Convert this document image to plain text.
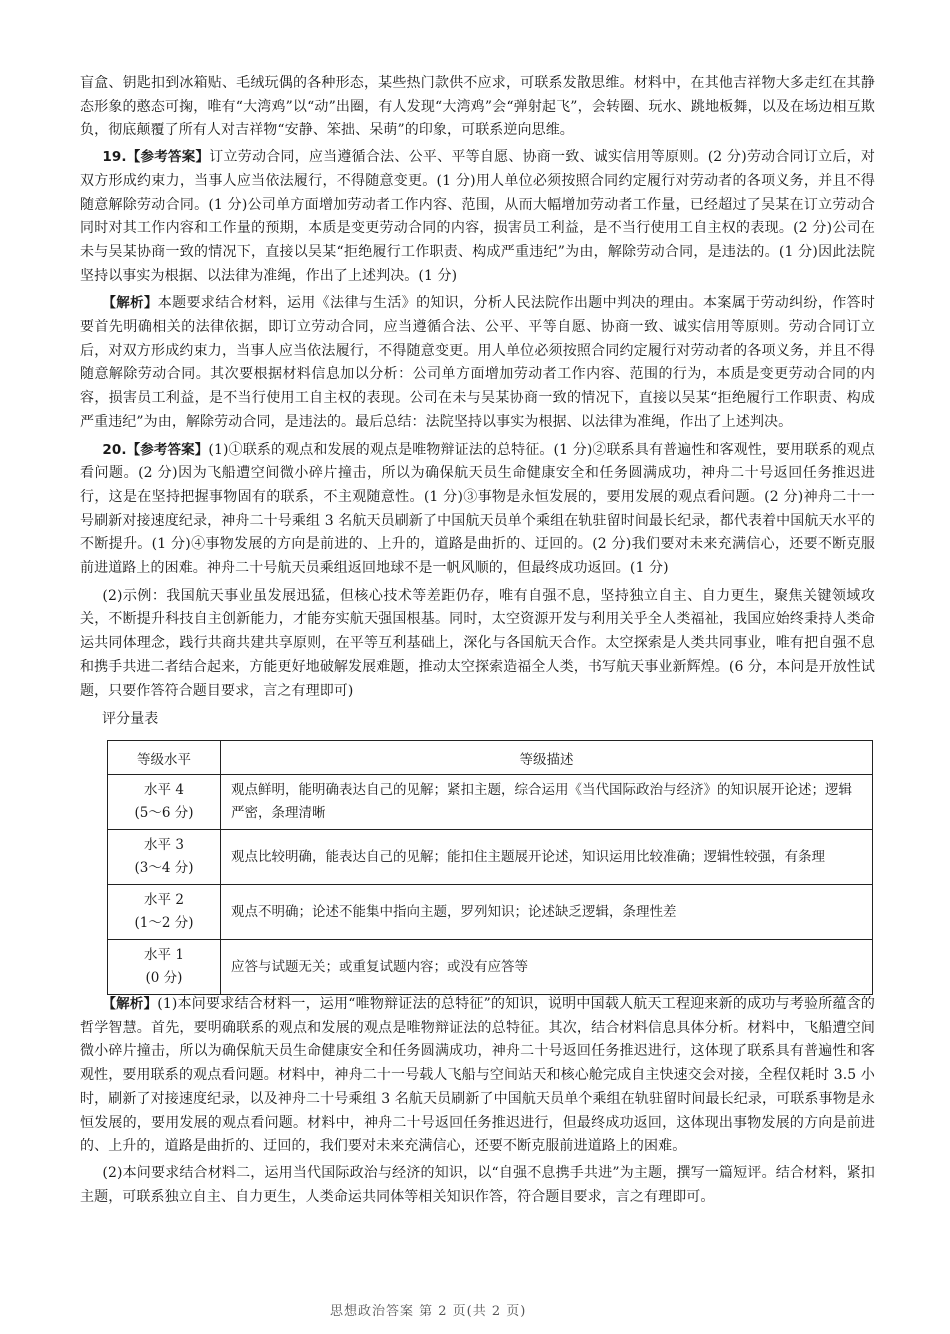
盲盒、钥匙扣到冰箱贴、毛绒玩偶的各种形态，某些热门款供不应求，可联系发散思维。材料中，在其他吉祥物大多走红在其静态形象的憨态可掬，唯有“大湾鸡”以“动”出圈，有人发现“大湾鸡”会“弹射起飞”，会转圈、玩水、跳地板舞，以及在场边相互欺负，彻底颠覆了所有人对吉祥物“安静、笨拙、呆萌”的印象，可联系逆向思维。

19.【参考答案】订立劳动合同，应当遵循合法、公平、平等自愿、协商一致、诚实信用等原则。(2 分)劳动合同订立后，对双方形成约束力，当事人应当依法履行，不得随意变更。(1 分)用人单位必须按照合同约定履行对劳动者的各项义务，并且不得随意解除劳动合同。(1 分)公司单方面增加劳动者工作内容、范围，从而大幅增加劳动者工作量，已经超过了吴某在订立劳动合同时对其工作内容和工作量的预期，本质是变更劳动合同的内容，损害员工利益，是不当行使用工自主权的表现。(2 分)公司在未与吴某协商一致的情况下，直接以吴某“拒绝履行工作职责、构成严重违纪”为由，解除劳动合同，是违法的。(1 分)因此法院坚持以事实为根据、以法律为准绳，作出了上述判决。(1 分)

【解析】本题要求结合材料，运用《法律与生活》的知识，分析人民法院作出题中判决的理由。本案属于劳动纠纷，作答时要首先明确相关的法律依据，即订立劳动合同，应当遵循合法、公平、平等自愿、协商一致、诚实信用等原则。劳动合同订立后，对双方形成约束力，当事人应当依法履行，不得随意变更。用人单位必须按照合同约定履行对劳动者的各项义务，并且不得随意解除劳动合同。其次要根据材料信息加以分析：公司单方面增加劳动者工作内容、范围的行为，本质是变更劳动合同的内容，损害员工利益，是不当行使用工自主权的表现。公司在未与吴某协商一致的情况下，直接以吴某“拒绝履行工作职责、构成严重违纪”为由，解除劳动合同，是违法的。最后总结：法院坚持以事实为根据、以法律为准绳，作出了上述判决。

20.【参考答案】(1)①联系的观点和发展的观点是唯物辩证法的总特征。(1 分)②联系具有普遍性和客观性，要用联系的观点看问题。(2 分)因为飞船遭空间微小碎片撞击，所以为确保航天员生命健康安全和任务圆满成功，神舟二十号返回任务推迟进行，这是在坚持把握事物固有的联系，不主观随意性。(1 分)③事物是永恒发展的，要用发展的观点看问题。(2 分)神舟二十一号刷新对接速度纪录，神舟二十号乘组 3 名航天员刷新了中国航天员单个乘组在轨驻留时间最长纪录，都代表着中国航天水平的不断提升。(1 分)④事物发展的方向是前进的、上升的，道路是曲折的、迂回的。(2 分)我们要对未来充满信心，还要不断克服前进道路上的困难。神舟二十号航天员乘组返回地球不是一帆风顺的，但最终成功返回。(1 分)

(2)示例：我国航天事业虽发展迅猛，但核心技术等差距仍存，唯有自强不息，坚持独立自主、自力更生，聚焦关键领域攻关，不断提升科技自主创新能力，才能夯实航天强国根基。同时，太空资源开发与利用关乎全人类福祉，我国应始终秉持人类命运共同体理念，践行共商共建共享原则，在平等互利基础上，深化与各国航天合作。太空探索是人类共同事业，唯有把自强不息和携手共进二者结合起来，方能更好地破解发展难题，推动太空探索造福全人类，书写航天事业新辉煌。(6 分，本问是开放性试题，只要作答符合题目要求，言之有理即可)

评分量表

等级水平	等级描述

水平 4
(5～6 分)	观点鲜明，能明确表达自己的见解；紧扣主题，综合运用《当代国际政治与经济》的知识展开论述；逻辑严密，条理清晰

水平 3
(3～4 分)	观点比较明确，能表达自己的见解；能扣住主题展开论述，知识运用比较准确；逻辑性较强，有条理

水平 2
(1～2 分)	观点不明确；论述不能集中指向主题，罗列知识；论述缺乏逻辑，条理性差

水平 1
(0 分)	应答与试题无关；或重复试题内容；或没有应答等

【解析】(1)本问要求结合材料一，运用“唯物辩证法的总特征”的知识，说明中国载人航天工程迎来新的成功与考验所蕴含的哲学智慧。首先，要明确联系的观点和发展的观点是唯物辩证法的总特征。其次，结合材料信息具体分析。材料中，飞船遭空间微小碎片撞击，所以为确保航天员生命健康安全和任务圆满成功，神舟二十号返回任务推迟进行，这体现了联系具有普遍性和客观性，要用联系的观点看问题。材料中，神舟二十一号载人飞船与空间站天和核心舱完成自主快速交会对接，全程仅耗时 3.5 小时，刷新了对接速度纪录，以及神舟二十号乘组 3 名航天员刷新了中国航天员单个乘组在轨驻留时间最长纪录，可联系事物是永恒发展的，要用发展的观点看问题。材料中，神舟二十号返回任务推迟进行，但最终成功返回，这体现出事物发展的方向是前进的、上升的，道路是曲折的、迂回的，我们要对未来充满信心，还要不断克服前进道路上的困难。

(2)本问要求结合材料二，运用当代国际政治与经济的知识，以“自强不息携手共进”为主题，撰写一篇短评。结合材料，紧扣主题，可联系独立自主、自力更生，人类命运共同体等相关知识作答，符合题目要求，言之有理即可。

思想政治答案 第 2 页(共 2 页)
